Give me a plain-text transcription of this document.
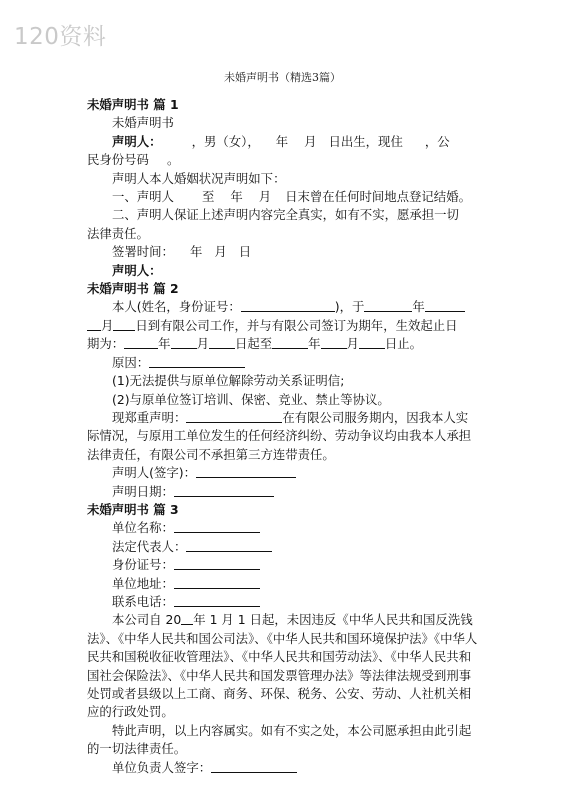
120资料
未婚声明书（精选3篇）
未婚声明书 篇 1
未婚声明书
声明人： ，男（女）， 年 月 日出生，现住 ，公
民身份号码 。
声明人本人婚姻状况声明如下：
一、声明人 至 年 月 日末曾在任何时间地点登记结婚。
二、声明人保证上述声明内容完全真实，如有不实，愿承担一切
法律责任。
签署时间： 年 月 日
声明人：
未婚声明书 篇 2
本人(姓名，身份证号：	)，于	年
月 日到有限公司工作，并与有限公司签订为期年，生效起止日
期为：	年 月 日起至	年 月 日止。
原因：
(1)无法提供与原单位解除劳动关系证明信;
(2)与原单位签订培训、保密、竞业、禁止等协议。
现郑重声明：	在有限公司服务期内，因我本人实
际情况，与原用工单位发生的任何经济纠纷、劳动争议均由我本人承担法律责任，有限公司不承担第三方连带责任。
声明人(签字)：
声明日期：
未婚声明书 篇 3
单位名称：
法定代表人：
身份证号：
单位地址：
联系电话：
本公司自 20 年 1 月 1 日起，未因违反《中华人民共和国反洗钱法》、《中华人民共和国公司法》、《中华人民共和国环境保护法》《中华人民共和国税收征收管理法》、《中华人民共和国劳动法》、《中华人民共和国社会保险法》、《中华人民共和国发票管理办法》等法律法规受到刑事处罚或者县级以上工商、商务、环保、税务、公安、劳动、人社机关相应的行政处罚。
特此声明，以上内容属实。如有不实之处，本公司愿承担由此引起的一切法律责任。
单位负责人签字：
